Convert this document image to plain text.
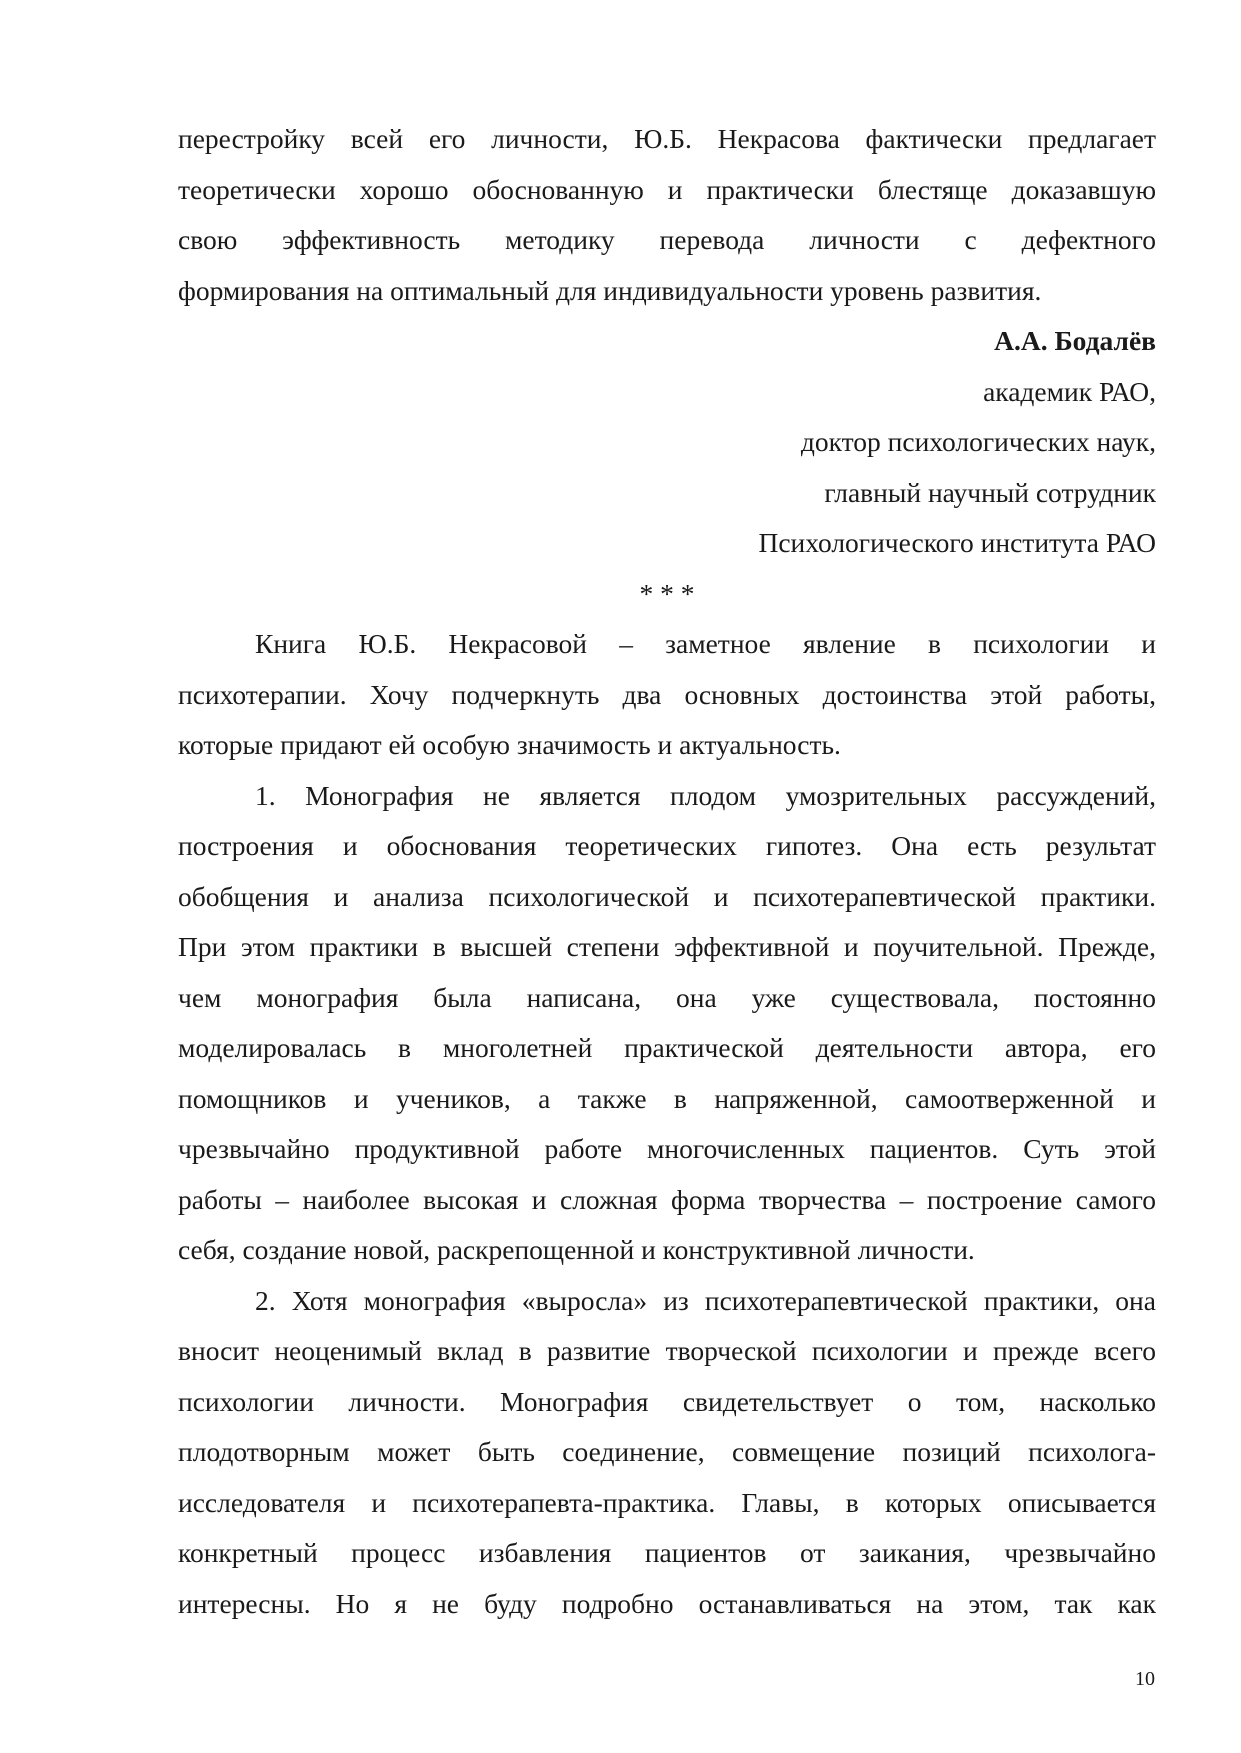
перестройку всей его личности, Ю.Б. Некрасова фактически предлагает
теоретически хорошо обоснованную и практически блестяще доказавшую
свою эффективность методику перевода личности с дефектного
формирования на оптимальный для индивидуальности уровень развития.
А.А. Бодалёв
академик РАО,
доктор психологических наук,
главный научный сотрудник
Психологического института РАО
* * *
Книга Ю.Б. Некрасовой – заметное явление в психологии и
психотерапии. Хочу подчеркнуть два основных достоинства этой работы,
которые придают ей особую значимость и актуальность.
1. Монография не является плодом умозрительных рассуждений,
построения и обоснования теоретических гипотез. Она есть результат
обобщения и анализа психологической и психотерапевтической практики.
При этом практики в высшей степени эффективной и поучительной. Прежде,
чем монография была написана, она уже существовала, постоянно
моделировалась в многолетней практической деятельности автора, его
помощников и учеников, а также в напряженной, самоотверженной и
чрезвычайно продуктивной работе многочисленных пациентов. Суть этой
работы – наиболее высокая и сложная форма творчества – построение самого
себя, создание новой, раскрепощенной и конструктивной личности.
2. Хотя монография «выросла» из психотерапевтической практики, она
вносит неоценимый вклад в развитие творческой психологии и прежде всего
психологии личности. Монография свидетельствует о том, насколько
плодотворным может быть соединение, совмещение позиций психолога-
исследователя и психотерапевта-практика. Главы, в которых описывается
конкретный процесс избавления пациентов от заикания, чрезвычайно
интересны. Но я не буду подробно останавливаться на этом, так как
10
